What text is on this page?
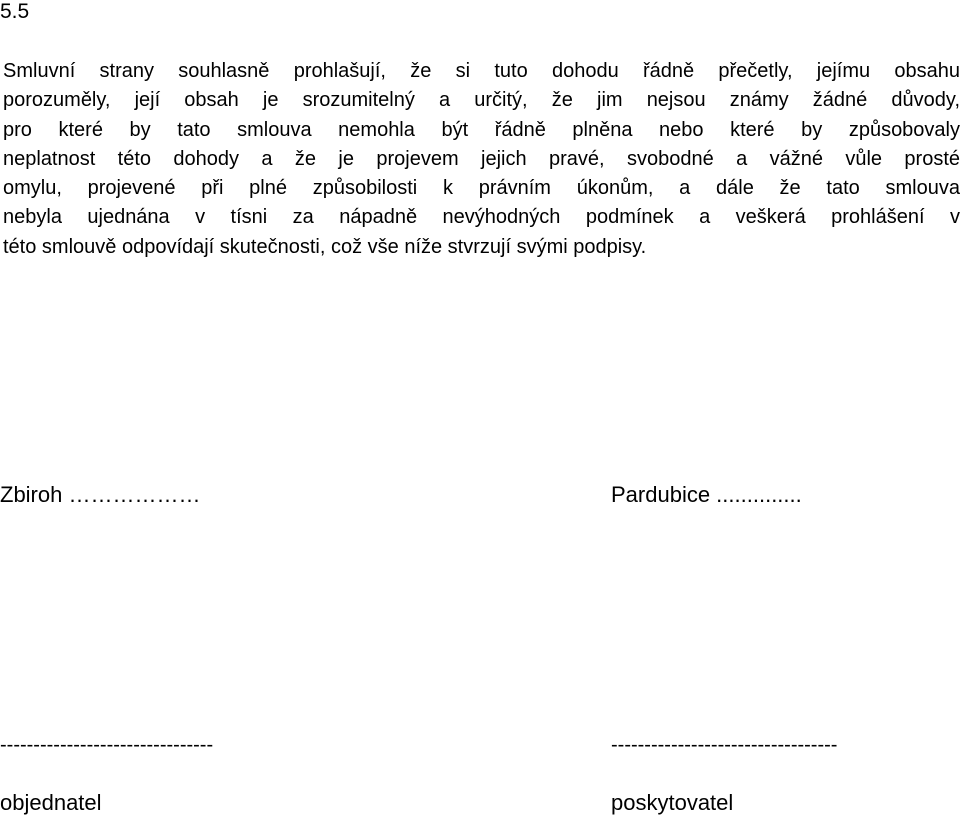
5.5
Smluvní strany souhlasně prohlašují, že si tuto dohodu řádně přečetly, jejímu obsahu
porozuměly, její obsah je srozumitelný a určitý, že jim nejsou známy žádné důvody,
pro které by tato smlouva nemohla být řádně plněna nebo které by způsobovaly
neplatnost této dohody a že je projevem jejich pravé, svobodné a vážné vůle prosté
omylu, projevené při plné způsobilosti k právním úkonům, a dále že tato smlouva
nebyla ujednána v tísni za nápadně nevýhodných podmínek a veškerá prohlášení v
této smlouvě odpovídají skutečnosti, což vše níže stvrzují svými podpisy.
Zbiroh ………………	Pardubice ..............
--------------------------------	----------------------------------
objednatel	poskytovatel
